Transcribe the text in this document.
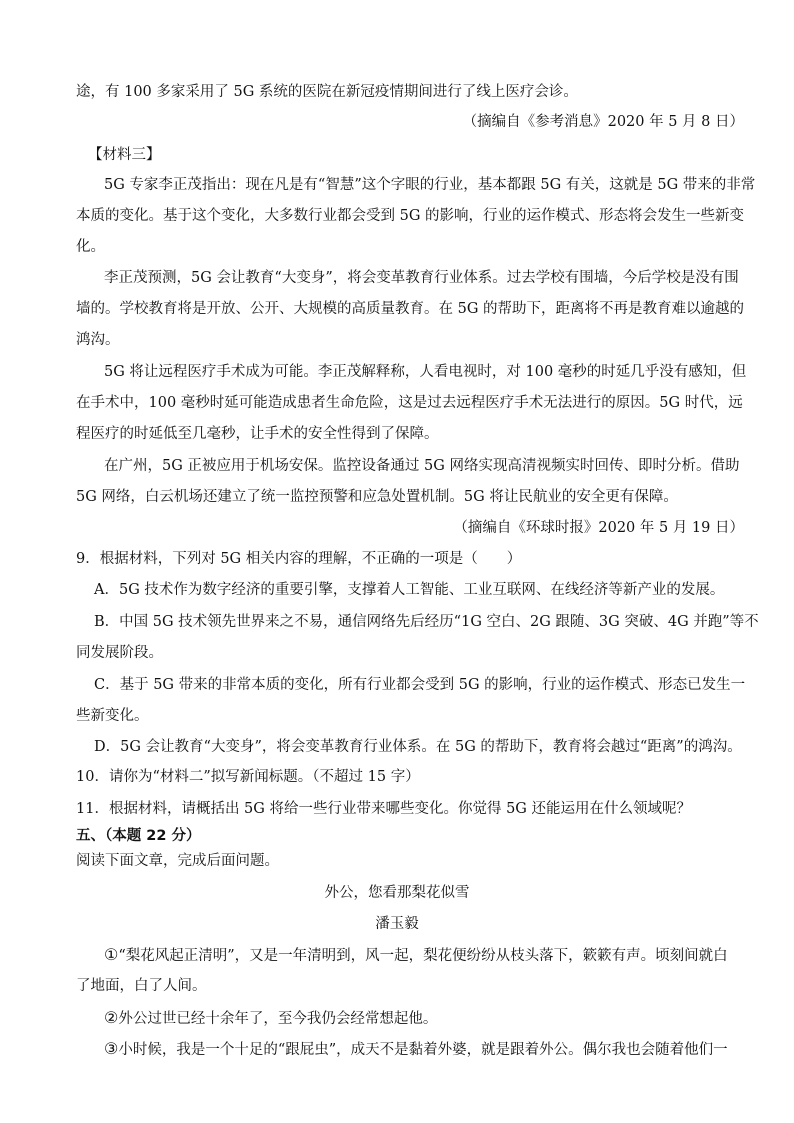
途，有 100 多家采用了 5G 系统的医院在新冠疫情期间进行了线上医疗会诊。
（摘编自《参考消息》2020 年 5 月 8 日）
【材料三】
5G 专家李正茂指出：现在凡是有“智慧”这个字眼的行业，基本都跟 5G 有关，这就是 5G 带来的非常
本质的变化。基于这个变化，大多数行业都会受到 5G 的影响，行业的运作模式、形态将会发生一些新变
化。
李正茂预测，5G 会让教育“大变身”，将会变革教育行业体系。过去学校有围墙，今后学校是没有围
墙的。学校教育将是开放、公开、大规模的高质量教育。在 5G 的帮助下，距离将不再是教育难以逾越的
鸿沟。
5G 将让远程医疗手术成为可能。李正茂解释称，人看电视时，对 100 毫秒的时延几乎没有感知，但
在手术中，100 毫秒时延可能造成患者生命危险，这是过去远程医疗手术无法进行的原因。5G 时代，远
程医疗的时延低至几毫秒，让手术的安全性得到了保障。
在广州，5G 正被应用于机场安保。监控设备通过 5G 网络实现高清视频实时回传、即时分析。借助
5G 网络，白云机场还建立了统一监控预警和应急处置机制。5G 将让民航业的安全更有保障。
（摘编自《环球时报》2020 年 5 月 19 日）
9．根据材料，下列对 5G 相关内容的理解，不正确的一项是（　　）
A．5G 技术作为数字经济的重要引擎，支撑着人工智能、工业互联网、在线经济等新产业的发展。
B．中国 5G 技术领先世界来之不易，通信网络先后经历“1G 空白、2G 跟随、3G 突破、4G 并跑”等不
同发展阶段。
C．基于 5G 带来的非常本质的变化，所有行业都会受到 5G 的影响，行业的运作模式、形态已发生一
些新变化。
D．5G 会让教育“大变身”，将会变革教育行业体系。在 5G 的帮助下，教育将会越过“距离”的鸿沟。
10．请你为“材料二”拟写新闻标题。（不超过 15 字）
11．根据材料，请概括出 5G 将给一些行业带来哪些变化。你觉得 5G 还能运用在什么领域呢？
五、（本题 22 分）
阅读下面文章，完成后面问题。
外公，您看那梨花似雪
潘玉毅
①“梨花风起正清明”，又是一年清明到，风一起，梨花便纷纷从枝头落下，簌簌有声。顷刻间就白
了地面，白了人间。
②外公过世已经十余年了，至今我仍会经常想起他。
③小时候，我是一个十足的“跟屁虫”，成天不是黏着外婆，就是跟着外公。偶尔我也会随着他们一
